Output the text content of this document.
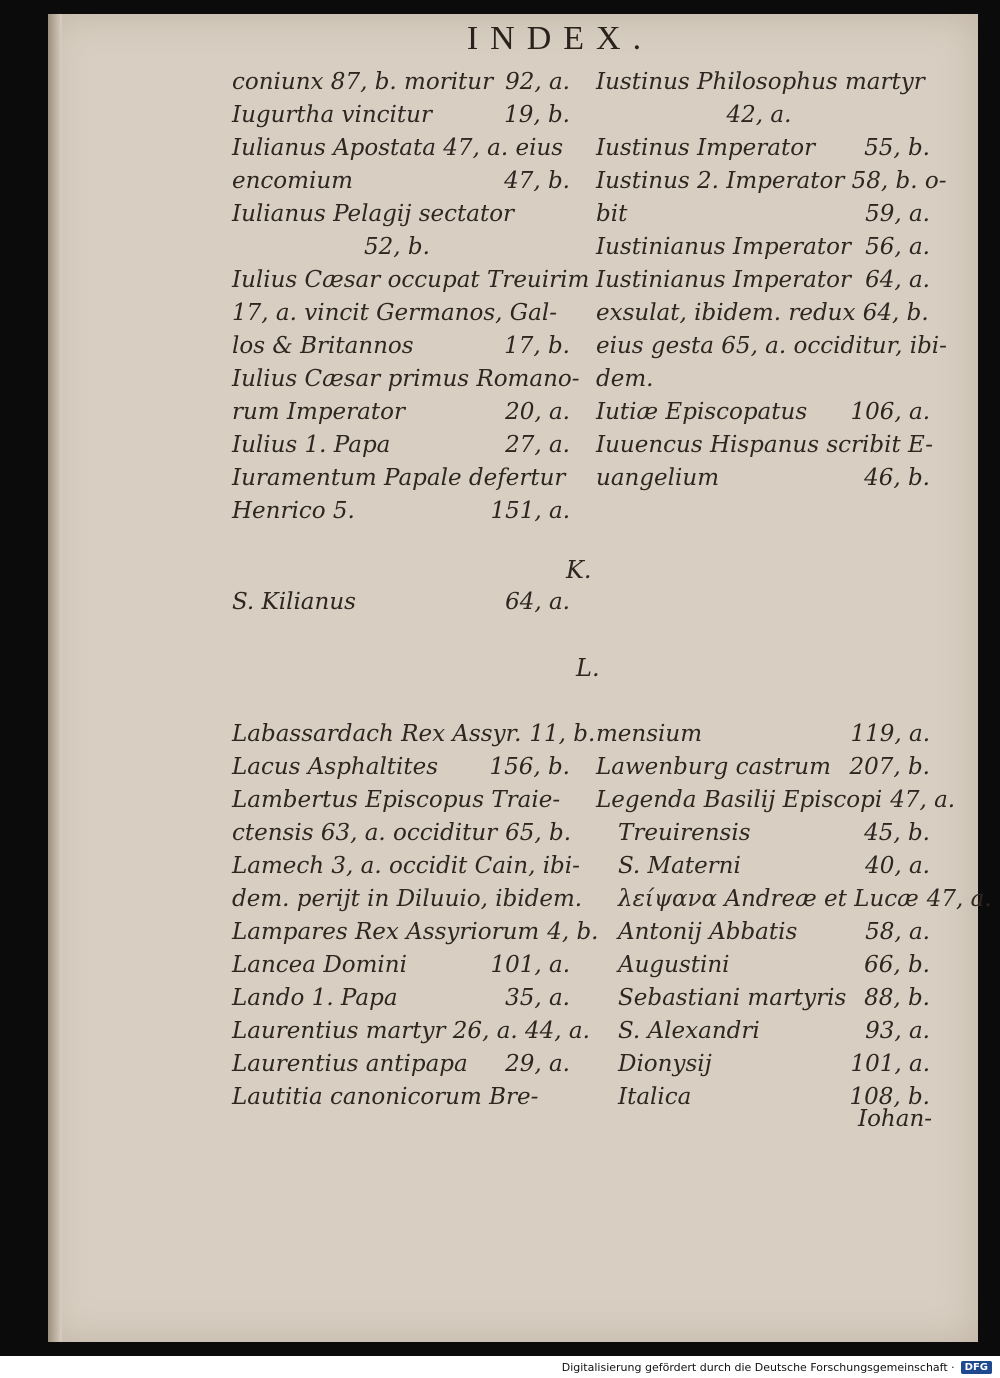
INDEX.
coniunx 87, b. moritur 92, a.
Iugurtha vincitur	19, b.
Iulianus Apostata 47, a. eius
encomium	47, b.
Iulianus Pelagij sectator
52, b.
Iulius Cæsar occupat Treuirim
17, a. vincit Germanos, Gal-
los & Britannos	17, b.
Iulius Cæsar primus Romano-
rum Imperator	20, a.
Iulius 1. Papa	27, a.
Iuramentum Papale defertur
Henrico 5.	151, a.
Iustinus Philosophus martyr
42, a.
Iustinus Imperator	55, b.
Iustinus 2. Imperator 58, b. o-
bit	59, a.
Iustinianus Imperator 56, a.
Iustinianus Imperator 64, a.
exsulat, ibidem. redux 64, b.
eius gesta 65, a. occiditur, ibi-
dem.
Iutiæ Episcopatus	106, a.
Iuuencus Hispanus scribit E-
uangelium	46, b.
K.
S. Kilianus	64, a.
L.
Labassardach Rex Assyr. 11, b.
Lacus Asphaltites	156, b.
Lambertus Episcopus Traie-
ctensis 63, a. occiditur 65, b.
Lamech 3, a. occidit Cain, ibi-
dem. perijt in Diluuio, ibidem.
Lampares Rex Assyriorum 4, b.
Lancea Domini	101, a.
Lando 1. Papa	35, a.
Laurentius martyr 26, a. 44, a.
Laurentius antipapa	29, a.
Lautitia canonicorum Bre-
mensium	119, a.
Lawenburg castrum 207, b.
Legenda Basilij Episcopi 47, a.
Treuirensis	45, b.
S. Materni	40, a.
λείψανα Andreæ et Lucæ 47, a.
Antonij Abbatis	58, a.
Augustini	66, b.
Sebastiani martyris 88, b.
S. Alexandri	93, a.
Dionysij	101, a.
Italica	108, b.
Iohan-
Digitalisierung gefördert durch die Deutsche Forschungsgemeinschaft ·	DFG
